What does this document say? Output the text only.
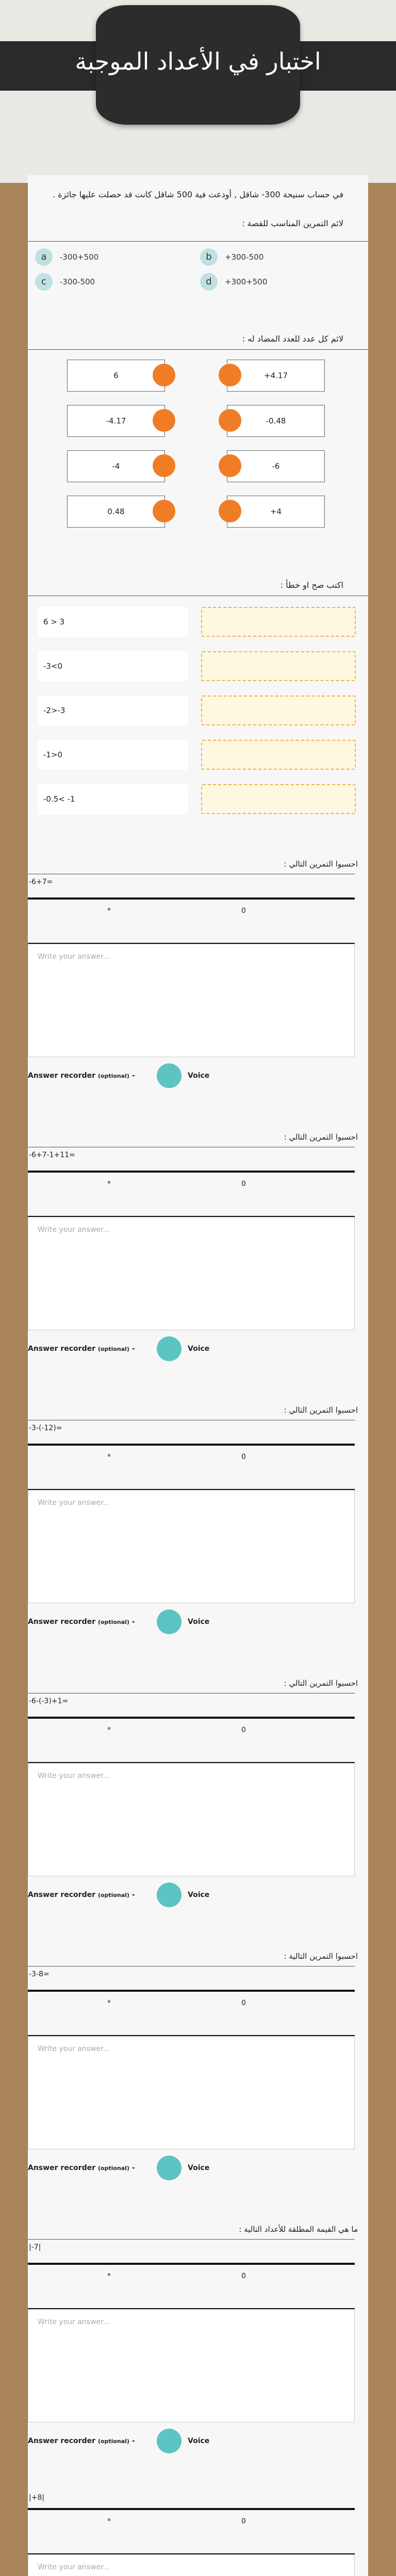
اختبار في الأعداد الموجبة
في حساب سنيحة 300- شاقل , أودعت فية 500 شاقل كانت قد حصلت عليها جائزة .
لائم التمرين المناسب للقصة :
a	-300+500	b	+300-500
c	-300-500	d	+300+500
لائم كل عدد للعدد المضاد له :
6	+4.17
-4.17	-0.48
-4	-6
0.48	+4
اكتب صح او خطأ :
6 > 3
-3<0
-2>-3
-1>0
-0.5< -1
احسبوا التمرين التالي :
-6+7=
*	0
Write your answer...
Answer recorder (optional) -	Voice
احسبوا التمرين التالي :
-6+7-1+11=
*	0
Write your answer...
Answer recorder (optional) -	Voice
احسبوا التمرين التالي :
-3-(-12)=
*	0
Write your answer...
Answer recorder (optional) -	Voice
احسبوا التمرين التالي :
-6-(-3)+1=
*	0
Write your answer...
Answer recorder (optional) -	Voice
احسبوا التمرين التالية :
-3-8=
*	0
Write your answer...
Answer recorder (optional) -	Voice
ما هي القيمة المطلقة للأعداد التالية :
|-7|
*	0
Write your answer...
Answer recorder (optional) -	Voice
|+8|
*	0
Write your answer...
